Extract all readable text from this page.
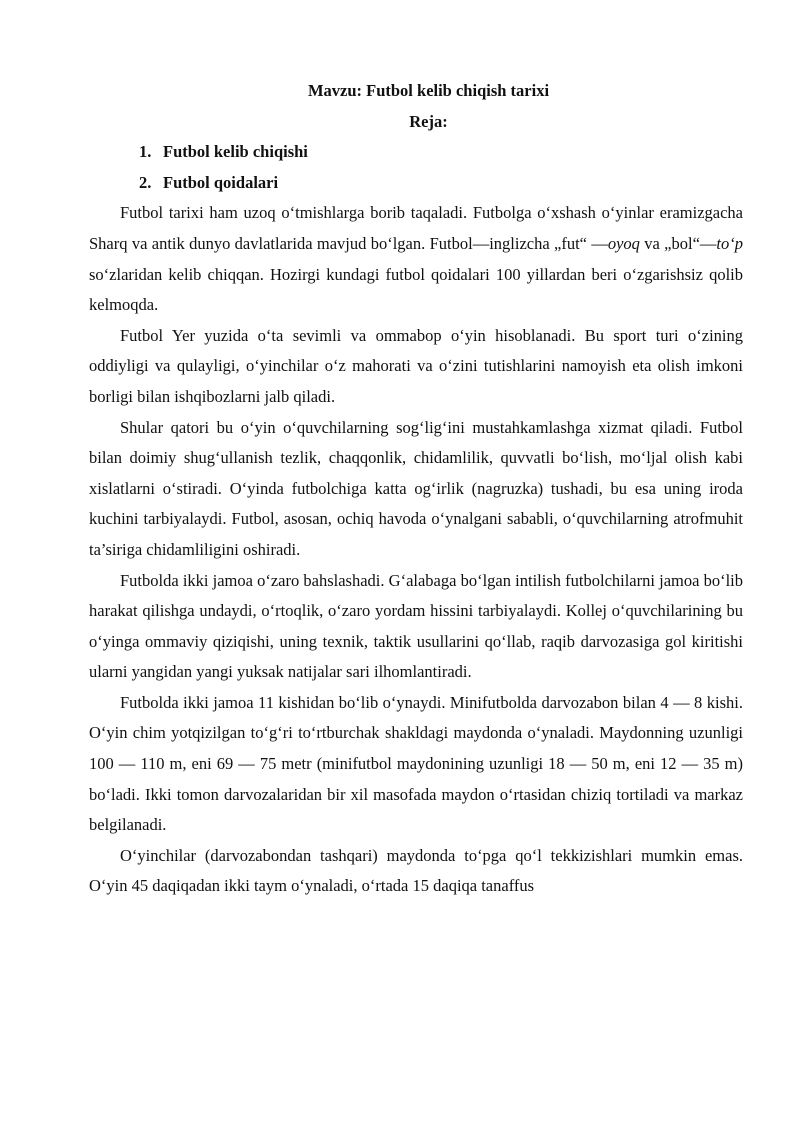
Mavzu: Futbol kelib chiqish tarixi
Reja:
1. Futbol kelib chiqishi
2. Futbol qoidalari

Futbol tarixi ham uzoq o‘tmishlarga borib taqaladi. Futbolga o‘xshash o‘yinlar eramizgacha Sharq va antik dunyo davlatlarida mavjud bo‘lgan. Futbol—inglizcha „fut“ —oyoq va „bol“—to‘p so‘zlaridan kelib chiqqan. Hozirgi kundagi futbol qoidalari 100 yillardan beri o‘zgarishsiz qolib kelmoqda.

Futbol Yer yuzida o‘ta sevimli va ommabop o‘yin hisoblanadi. Bu sport turi o‘zining oddiyligi va qulayligi, o‘yinchilar o‘z mahorati va o‘zini tutishlarini namoyish eta olish imkoni borligi bilan ishqibozlarni jalb qiladi.

Shular qatori bu o‘yin o‘quvchilarning sog‘lig‘ini mustahkamlashga xizmat qiladi. Futbol bilan doimiy shug‘ullanish tezlik, chaqqonlik, chidamlilik, quvvatli bo‘lish, mo‘ljal olish kabi xislatlarni o‘stiradi. O‘yinda futbolchiga katta og‘irlik (nagruzka) tushadi, bu esa uning iroda kuchini tarbiyalaydi. Futbol, asosan, ochiq havoda o‘ynalgani sababli, o‘quvchilarning atrofmuhit ta’siriga chidamliligini oshiradi.

Futbolda ikki jamoa o‘zaro bahslashadi. G‘alabaga bo‘lgan intilish futbolchilarni jamoa bo‘lib harakat qilishga undaydi, o‘rtoqlik, o‘zaro yordam hissini tarbiyalaydi. Kollej o‘quvchilarining bu o‘yinga ommaviy qiziqishi, uning texnik, taktik usullarini qo‘llab, raqib darvozasiga gol kiritishi ularni yangidan yangi yuksak natijalar sari ilhomlantiradi.

Futbolda ikki jamoa 11 kishidan bo‘lib o‘ynaydi. Minifutbolda darvozabon bilan 4 — 8 kishi. O‘yin chim yotqizilgan to‘g‘ri to‘rtburchak shakldagi maydonda o‘ynaladi. Maydonning uzunligi 100 — 110 m, eni 69 — 75 metr (minifutbol maydonining uzunligi 18 — 50 m, eni 12 — 35 m) bo‘ladi. Ikki tomon darvozalaridan bir xil masofada maydon o‘rtasidan chiziq tortiladi va markaz belgilanadi.

O‘yinchilar (darvozabondan tashqari) maydonda to‘pga qo‘l tekkizishlari mumkin emas. O‘yin 45 daqiqadan ikki taym o‘ynaladi, o‘rtada 15 daqiqa tanaffus
